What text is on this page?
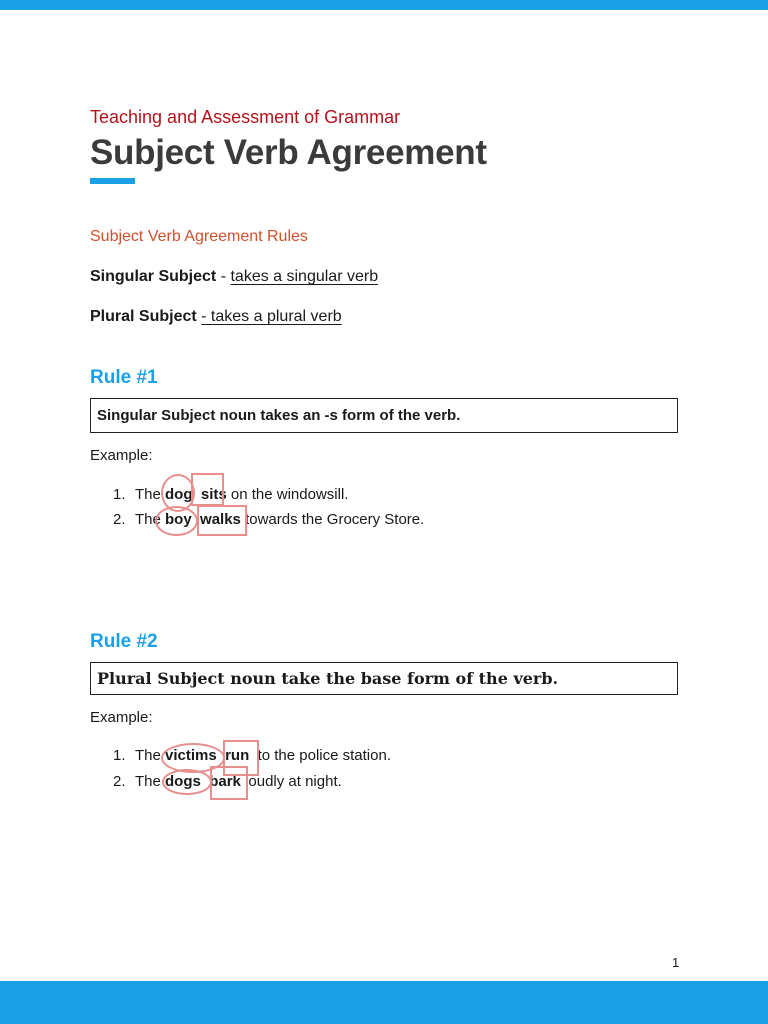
Teaching and Assessment of Grammar
Subject Verb Agreement
Subject Verb Agreement Rules
Singular Subject - takes a singular verb
Plural Subject - takes a plural verb
Rule #1
Singular Subject noun takes an -s form of the verb.
Example:
1. The dog sits on the windowsill.
2. The boy walks towards the Grocery Store.
Rule #2
Plural Subject noun take the base form of the verb.
Example:
1. The victims run  to the police station.
2. The dogs bark loudly at night.
1
